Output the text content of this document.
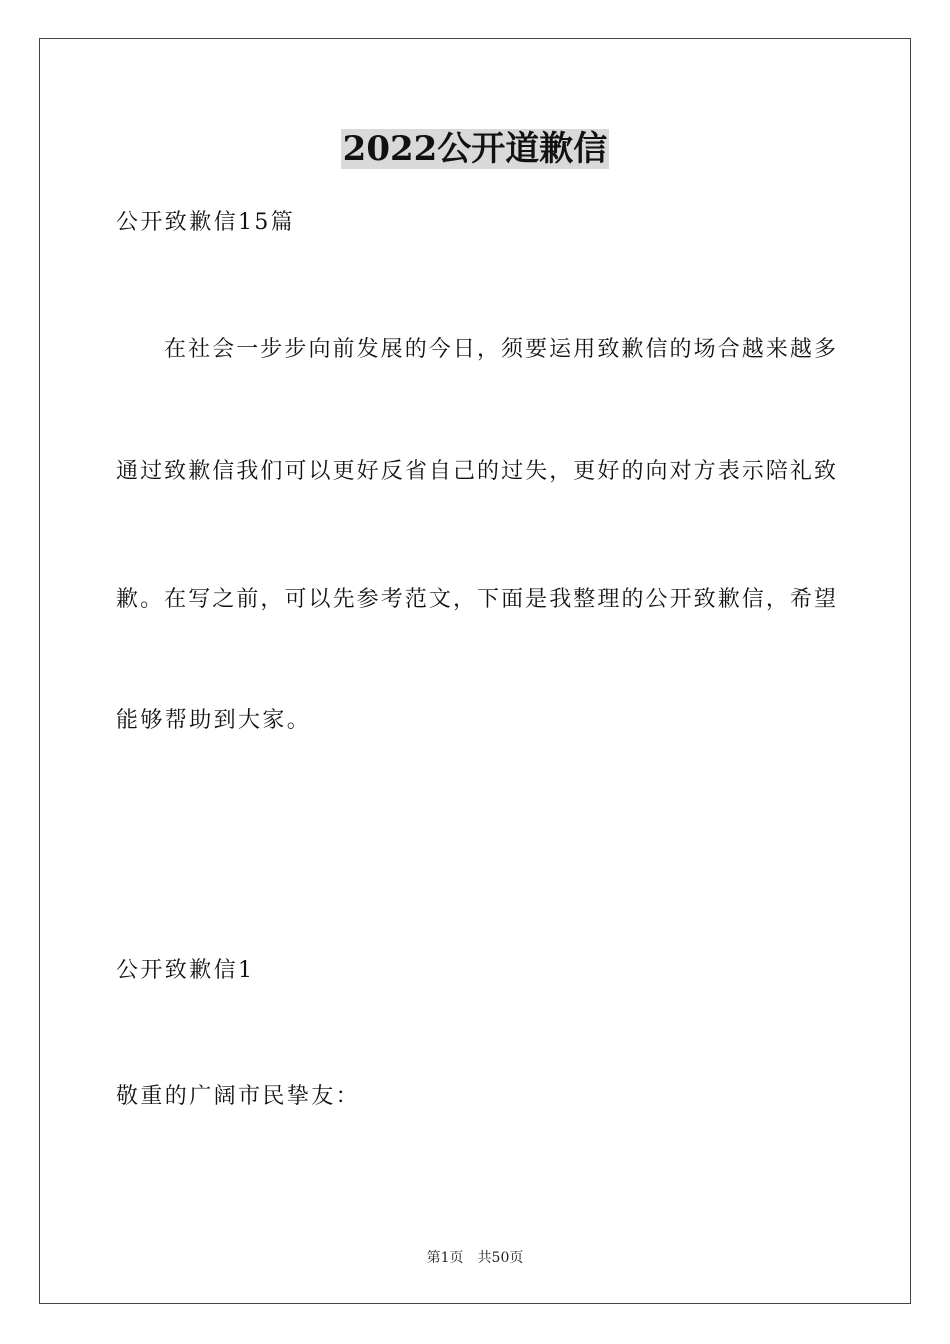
2022公开道歉信

公开致歉信15篇

在社会一步步向前发展的今日，须要运用致歉信的场合越来越多

通过致歉信我们可以更好反省自己的过失，更好的向对方表示陪礼致

歉。在写之前，可以先参考范文，下面是我整理的公开致歉信，希望

能够帮助到大家。

公开致歉信1

敬重的广阔市民挚友：

第1页 共50页
